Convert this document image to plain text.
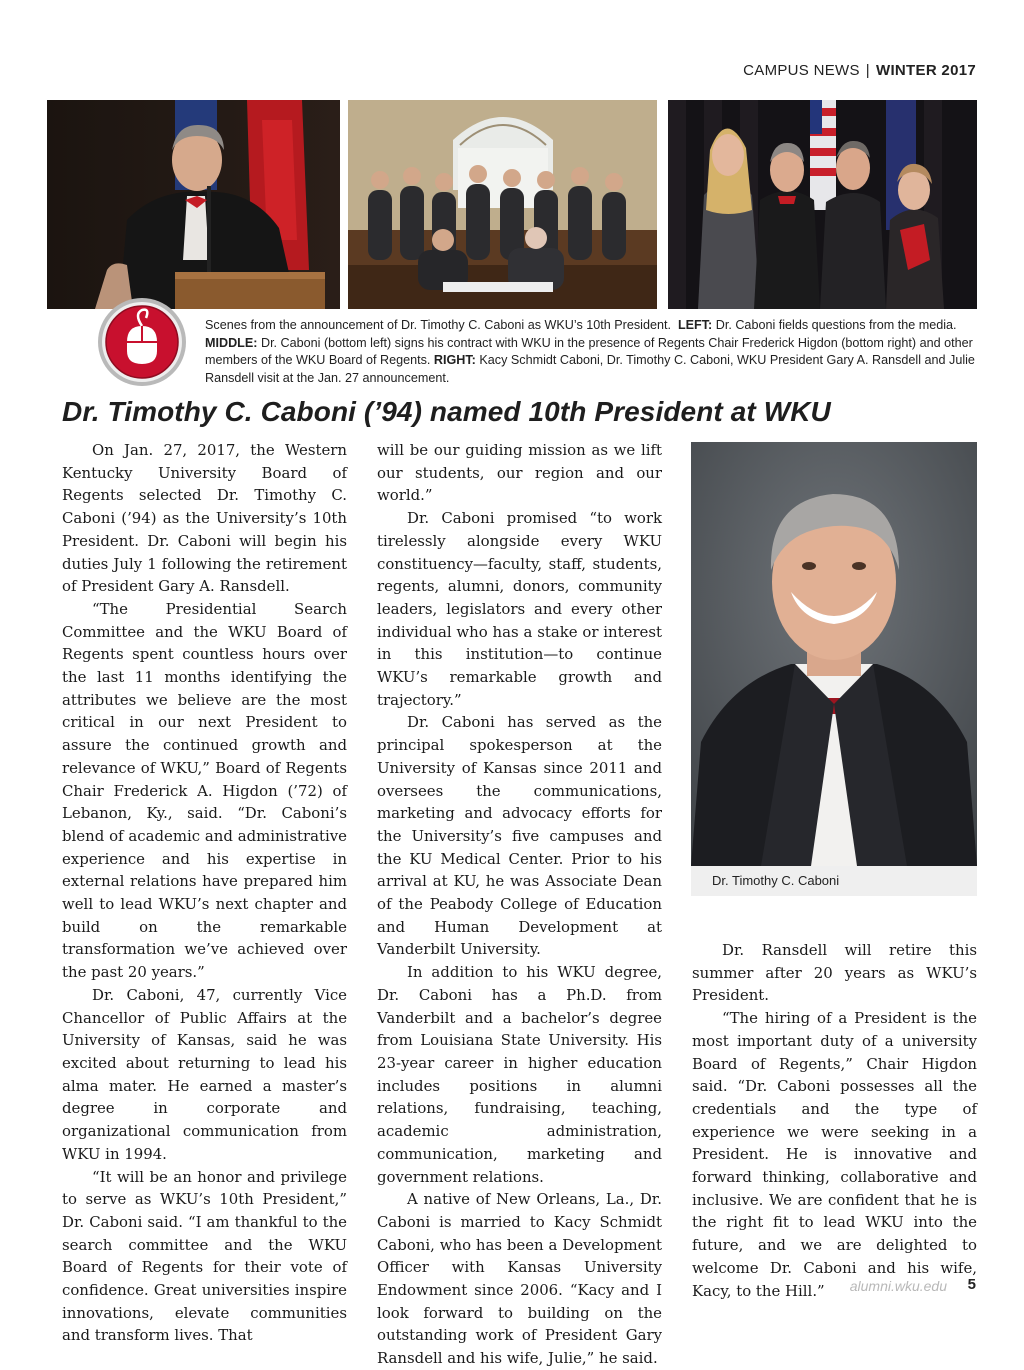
CAMPUS NEWS | WINTER 2017
Scenes from the announcement of Dr. Timothy C. Caboni as WKU’s 10th President. LEFT: Dr. Caboni fields questions from the media. MIDDLE: Dr. Caboni (bottom left) signs his contract with WKU in the presence of Regents Chair Frederick Higdon (bottom right) and other members of the WKU Board of Regents. RIGHT: Kacy Schmidt Caboni, Dr. Timothy C. Caboni, WKU President Gary A. Ransdell and Julie Ransdell visit at the Jan. 27 announcement.
Dr. Timothy C. Caboni (’94) named 10th President at WKU

On Jan. 27, 2017, the Western Kentucky University Board of Regents selected Dr. Timothy C. Caboni (’94) as the University’s 10th President. Dr. Caboni will begin his duties July 1 following the retirement of President Gary A. Ransdell.

“The Presidential Search Committee and the WKU Board of Regents spent countless hours over the last 11 months identifying the attributes we believe are the most critical in our next President to assure the continued growth and relevance of WKU,” Board of Regents Chair Frederick A. Higdon (’72) of Lebanon, Ky., said. “Dr. Caboni’s blend of academic and administrative experience and his expertise in external relations have prepared him well to lead WKU’s next chapter and build on the remarkable transformation we’ve achieved over the past 20 years.”

Dr. Caboni, 47, currently Vice Chancellor of Public Affairs at the University of Kansas, said he was excited about returning to lead his alma mater. He earned a master’s degree in corporate and organizational communication from WKU in 1994.

“It will be an honor and privilege to serve as WKU’s 10th President,” Dr. Caboni said. “I am thankful to the search committee and the WKU Board of Regents for their vote of confidence. Great universities inspire innovations, elevate communities and transform lives. That

will be our guiding mission as we lift our students, our region and our world.”

Dr. Caboni promised “to work tirelessly alongside every WKU constituency—faculty, staff, students, regents, alumni, donors, community leaders, legislators and every other individual who has a stake or interest in this institution—to continue WKU’s remarkable growth and trajectory.”

Dr. Caboni has served as the principal spokesperson at the University of Kansas since 2011 and oversees the communications, marketing and advocacy efforts for the University’s five campuses and the KU Medical Center. Prior to his arrival at KU, he was Associate Dean of the Peabody College of Education and Human Development at Vanderbilt University.

In addition to his WKU degree, Dr. Caboni has a Ph.D. from Vanderbilt and a bachelor’s degree from Louisiana State University. His 23-year career in higher education includes positions in alumni relations, fundraising, teaching, academic administration, communication, marketing and government relations.

A native of New Orleans, La., Dr. Caboni is married to Kacy Schmidt Caboni, who has been a Development Officer with Kansas University Endowment since 2006. “Kacy and I look forward to building on the outstanding work of President Gary Ransdell and his wife, Julie,” he said.

Dr. Timothy C. Caboni

Dr. Ransdell will retire this summer after 20 years as WKU’s President.

“The hiring of a President is the most important duty of a university Board of Regents,” Chair Higdon said. “Dr. Caboni possesses all the credentials and the type of experience we were seeking in a President. He is innovative and forward thinking, collaborative and inclusive. We are confident that he is the right fit to lead WKU into the future, and we are delighted to welcome Dr. Caboni and his wife, Kacy, to the Hill.”	alumni.wku.edu 5
